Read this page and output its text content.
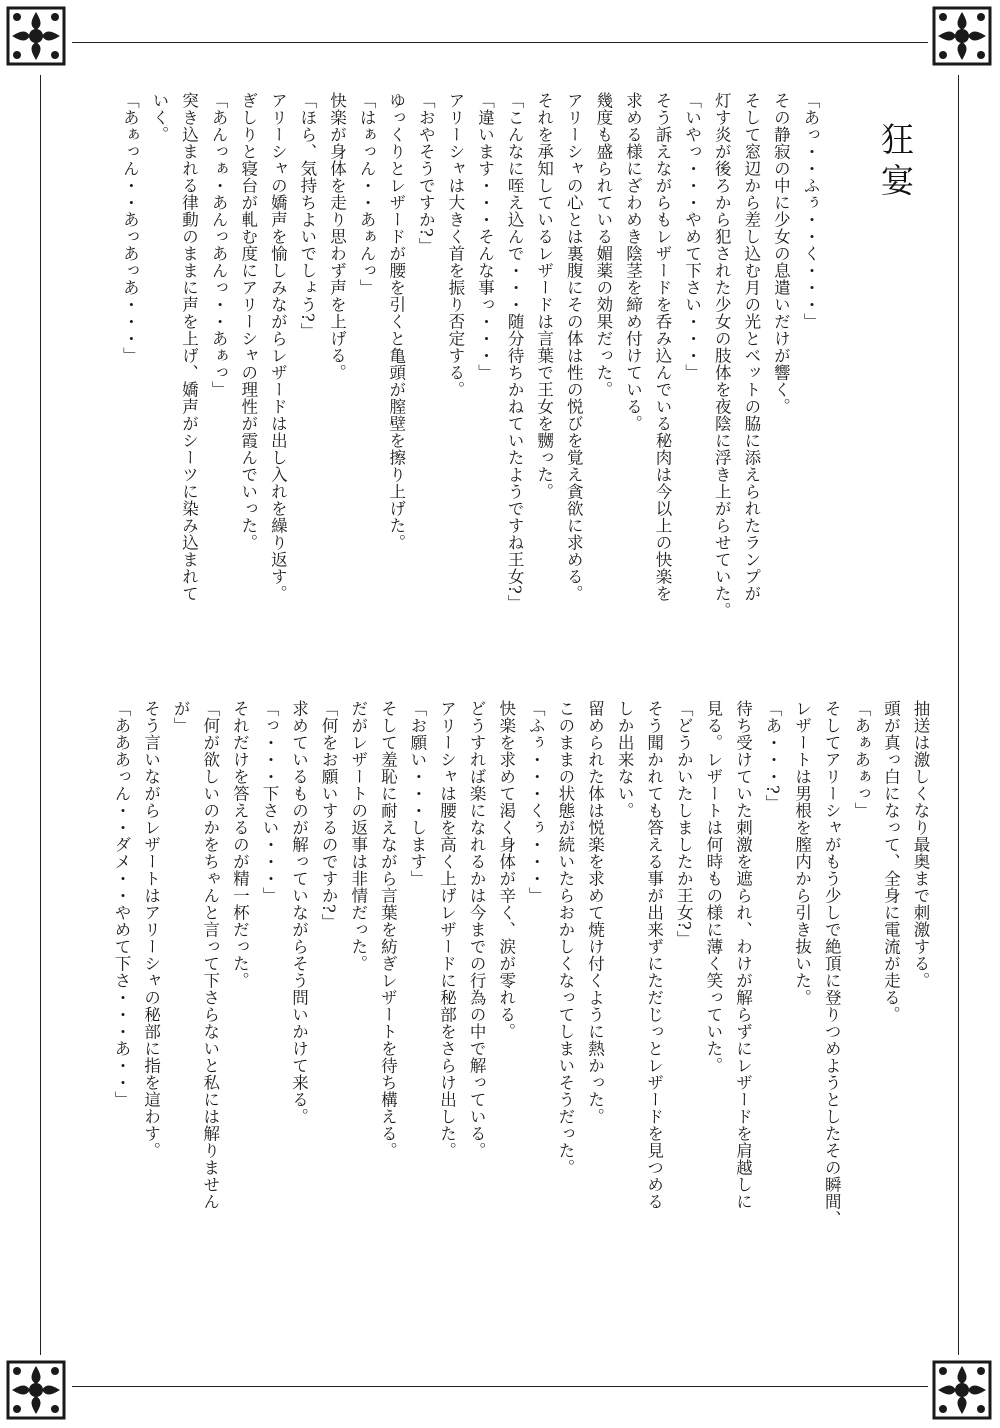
狂宴
「あっ・・ふぅ・・く・・・」
その静寂の中に少女の息遣いだけが響く。
そして窓辺から差し込む月の光とベットの脇に添えられたランプが
灯す炎が後ろから犯された少女の肢体を夜陰に浮き上がらせていた。
「いやっ・・・やめて下さい・・・」
そう訴えながらもレザードを呑み込んでいる秘肉は今以上の快楽を
求める様にざわめき陰茎を締め付けている。
幾度も盛られている媚薬の効果だった。
アリーシャの心とは裏腹にその体は性の悦びを覚え貪欲に求める。
それを承知しているレザードは言葉で王女を嬲った。
「こんなに咥え込んで・・・随分待ちかねていたようですね王女?」
「違います・・・そんな事っ・・・」
アリーシャは大きく首を振り否定する。
「おやそうですか?」
ゆっくりとレザードが腰を引くと亀頭が膣壁を擦り上げた。
「はぁっん・・あぁんっ」
快楽が身体を走り思わず声を上げる。
「ほら、気持ちよいでしょう?」
アリーシャの嬌声を愉しみながらレザードは出し入れを繰り返す。
ぎしりと寝台が軋む度にアリーシャの理性が霞んでいった。
「あんっぁ・あんっあんっ・・あぁっ」
突き込まれる律動のままに声を上げ、嬌声がシーツに染み込まれて
いく。
「あぁっん・・あっあっあ・・・」
抽送は激しくなり最奥まで刺激する。
頭が真っ白になって、全身に電流が走る。
「あぁあぁっ」
そしてアリーシャがもう少しで絶頂に登りつめようとしたその瞬間、
レザートは男根を膣内から引き抜いた。
「あ・・・?」
待ち受けていた刺激を遮られ、わけが解らずにレザードを肩越しに
見る。レザートは何時もの様に薄く笑っていた。
「どうかいたしましたか王女?」
そう聞かれても答える事が出来ずにただじっとレザードを見つめる
しか出来ない。
留められた体は悦楽を求めて焼け付くように熱かった。
このままの状態が続いたらおかしくなってしまいそうだった。
「ふぅ・・・くぅ・・・」
快楽を求めて渇く身体が辛く、涙が零れる。
どうすれば楽になれるかは今までの行為の中で解っている。
アリーシャは腰を高く上げレザードに秘部をさらけ出した。
「お願い・・・します」
そして羞恥に耐えながら言葉を紡ぎレザートを待ち構える。
だがレザートの返事は非情だった。
「何をお願いするのですか?」
求めているものが解っていながらそう問いかけて来る。
「っ・・・下さい・・・」
それだけを答えるのが精一杯だった。
「何が欲しいのかをちゃんと言って下さらないと私には解りません
が」
そう言いながらレザートはアリーシャの秘部に指を這わす。
「あああっん・・ダメ・・やめて下さ・・・あ・・」
